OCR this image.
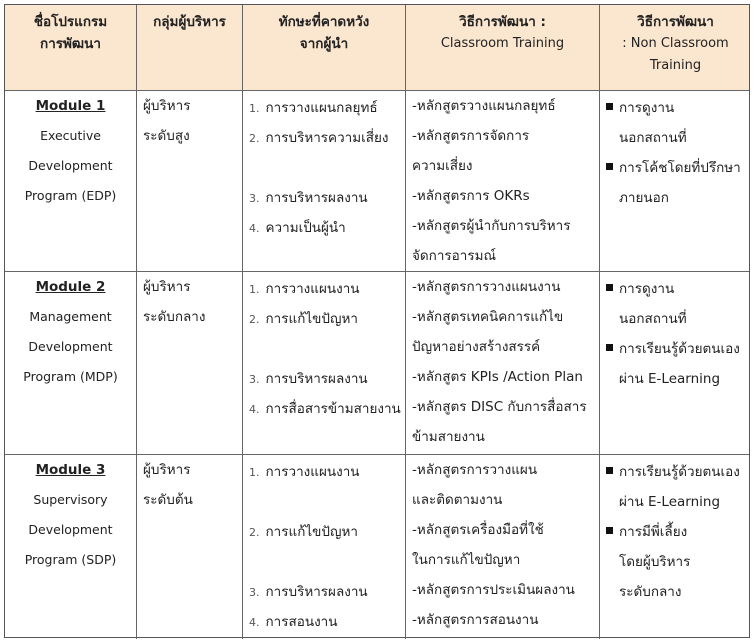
ชื่อโปรแกรม
การพัฒนา
กลุ่มผู้บริหาร	ทักษะที่คาดหวัง
จากผู้นำ
วิธีการพัฒนา :
Classroom Training
วิธีการพัฒนา
: Non Classroom
Training
Module 1
Executive
Development
Program (EDP)
ผู้บริหาร
ระดับสูง
1. การวางแผนกลยุทธ์
2. การบริหารความเสี่ยง
3. การบริหารผลงาน
4. ความเป็นผู้นำ
-หลักสูตรวางแผนกลยุทธ์
-หลักสูตรการจัดการ
ความเสี่ยง
-หลักสูตรการ OKRs
-หลักสูตรผู้นำกับการบริหาร
จัดการอารมณ์
การดูงาน
นอกสถานที่
การโค้ชโดยที่ปรึกษา
ภายนอก
Module 2
Management
Development
Program (MDP)
ผู้บริหาร
ระดับกลาง
1. การวางแผนงาน
2. การแก้ไขปัญหา
3. การบริหารผลงาน
4. การสื่อสารข้ามสายงาน
-หลักสูตรการวางแผนงาน
-หลักสูตรเทคนิคการแก้ไข
ปัญหาอย่างสร้างสรรค์
-หลักสูตร KPIs /Action Plan
-หลักสูตร DISC กับการสื่อสาร
ข้ามสายงาน
การดูงาน
นอกสถานที่
การเรียนรู้ด้วยตนเอง
ผ่าน E-Learning
Module 3
Supervisory
Development
Program (SDP)
ผู้บริหาร
ระดับต้น
1. การวางแผนงาน
2. การแก้ไขปัญหา
3. การบริหารผลงาน
4. การสอนงาน
-หลักสูตรการวางแผน
และติดตามงาน
-หลักสูตรเครื่องมือที่ใช้
ในการแก้ไขปัญหา
-หลักสูตรการประเมินผลงาน
-หลักสูตรการสอนงาน
การเรียนรู้ด้วยตนเอง
ผ่าน E-Learning
การมีพี่เลี้ยง
โดยผู้บริหาร
ระดับกลาง
